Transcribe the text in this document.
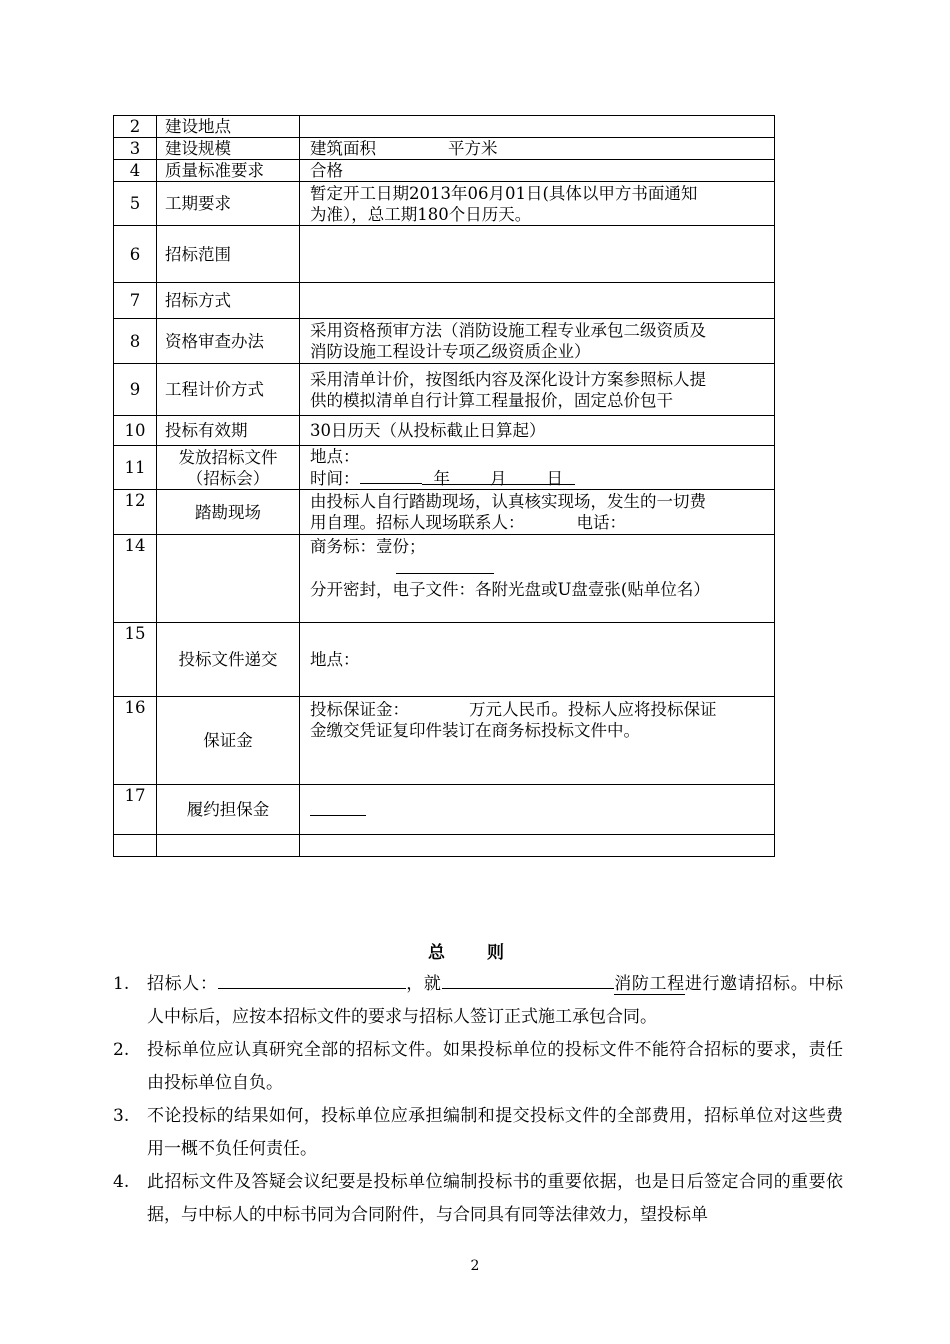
2	建设地点	
3	建设规模	建筑面积 平方米
4	质量标准要求	合格
5	工期要求	暂定开工日期2013年06月01日(具体以甲方书面通知
为准），总工期180个日历天。

6	招标范围	
7	招标方式	
8	资格审查办法	采用资格预审方法（消防设施工程专业承包二级资质及
消防设施工程设计专项乙级资质企业）

9	工程计价方式	采用清单计价，按图纸内容及深化设计方案参照标人提
供的模拟清单自行计算工程量报价，固定总价包干

10	投标有效期	30日历天（从投标截止日算起）
11	发放招标文件
（招标会）	地点：
时间： 年 月 日

12	踏勘现场	由投标人自行踏勘现场，认真核实现场，发生的一切费
用自理。招标人现场联系人： 电话：

14		商务标：壹份；
分开密封，电子文件：各附光盘或U盘壹张(贴单位名）

15	投标文件递交	地点：

16	保证金	投标保证金： 万元人民币。投标人应将投标保证
金缴交凭证复印件装订在商务标投标文件中。

17	履约担保金	

总 则
1. 招标人：	，就	消防工程进行邀请招标。中标人中标后，应按本招标文件的要求与招标人签订正式施工承包合同。
2. 投标单位应认真研究全部的招标文件。如果投标单位的投标文件不能符合招标的要求，责任由投标单位自负。
3. 不论投标的结果如何，投标单位应承担编制和提交投标文件的全部费用，招标单位对这些费用一概不负任何责任。
4. 此招标文件及答疑会议纪要是投标单位编制投标书的重要依据，也是日后签定合同的重要依据，与中标人的中标书同为合同附件，与合同具有同等法律效力，望投标单
2
